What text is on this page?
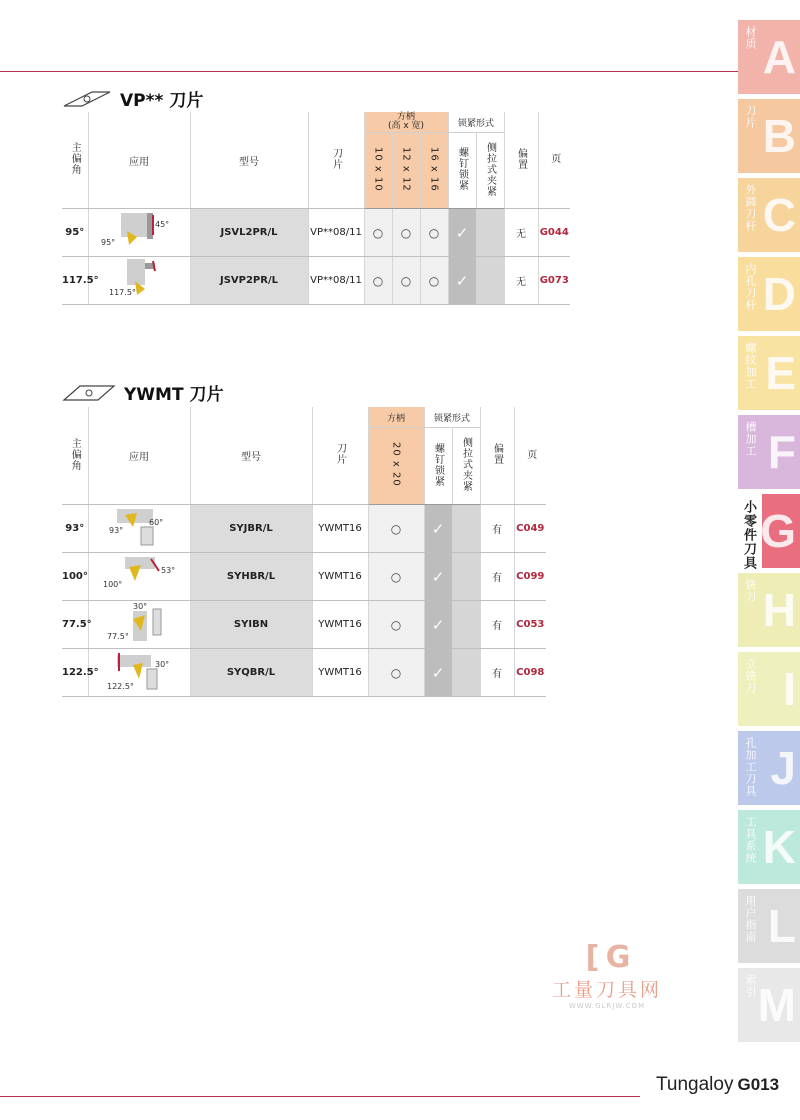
VP** 刀片
主偏角	应用	型号	刀片	方柄
(高 x 宽)			锁紧形式		偏置	页
				10 x 10	12 x 12	16 x 16	螺钉锁紧	侧拉式夹紧		
95°	45°
95°	JSVL2PR/L	VP**08/11	○	○	○	✓		无	G044
117.5°	117.5°	JSVP2PR/L	VP**08/11	○	○	○	✓		无	G073
YWMT 刀片
主偏角	应用	型号	刀片	方柄	锁紧形式		偏置	页
				20 x 20	螺钉锁紧	侧拉式夹紧		
93°	60°
93°	SYJBR/L	YWMT16	○	✓		有	C049
100°	53°
100°	SYHBR/L	YWMT16	○	✓		有	C099
77.5°	30°
77.5°	SYIBN	YWMT16	○	✓		有	C053
122.5°	30°
122.5°	SYQBR/L	YWMT16	○	✓		有	C098
材质 A
刀片 B
外圆刀杆 C
内孔刀杆 D
螺纹加工 E
槽加工 F
小零件刀具 G
铣刀 H
立铣刀 I
孔加工刀具 J
工具系统 K
用户指南 L
索引 M
[ G
工量刀具网
WWW.GLRJW.COM
Tungaloy G013
